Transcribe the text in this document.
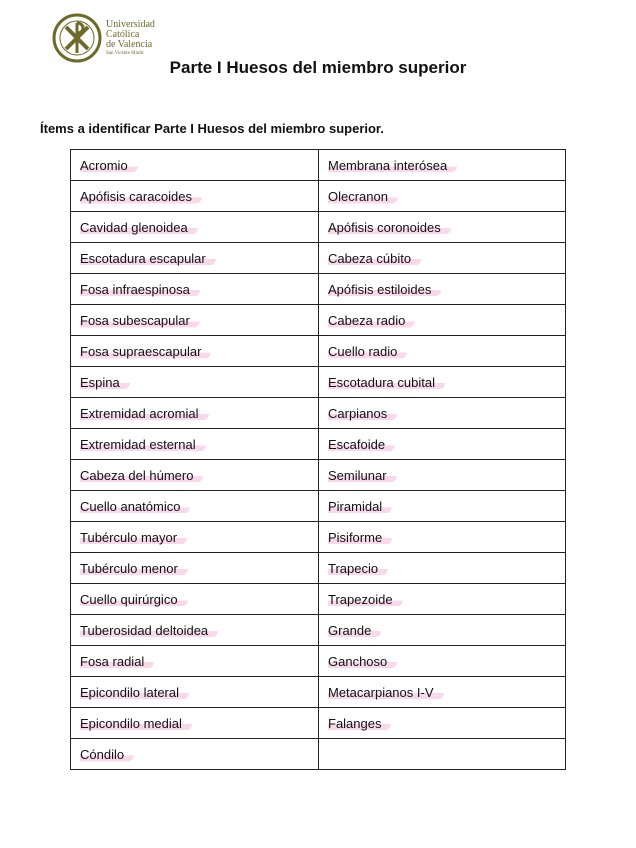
Universidad
Católica
de Valencia
San Vicente Mártir
Parte I Huesos del miembro superior
Ítems a identificar Parte I Huesos del miembro superior.
Acromio	Membrana interósea
Apófisis caracoides	Olecranon
Cavidad glenoidea	Apófisis coronoides
Escotadura escapular	Cabeza cúbito
Fosa infraespinosa	Apófisis estiloides
Fosa subescapular	Cabeza radio
Fosa supraescapular	Cuello radio
Espina	Escotadura cubital
Extremidad acromial	Carpianos
Extremidad esternal	Escafoide
Cabeza del húmero	Semilunar
Cuello anatómico	Piramidal
Tubérculo mayor	Pisiforme
Tubérculo menor	Trapecio
Cuello quirúrgico	Trapezoide
Tuberosidad deltoidea	Grande
Fosa radial	Ganchoso
Epicondilo lateral	Metacarpianos I-V
Epicondilo medial	Falanges
Cóndilo	
